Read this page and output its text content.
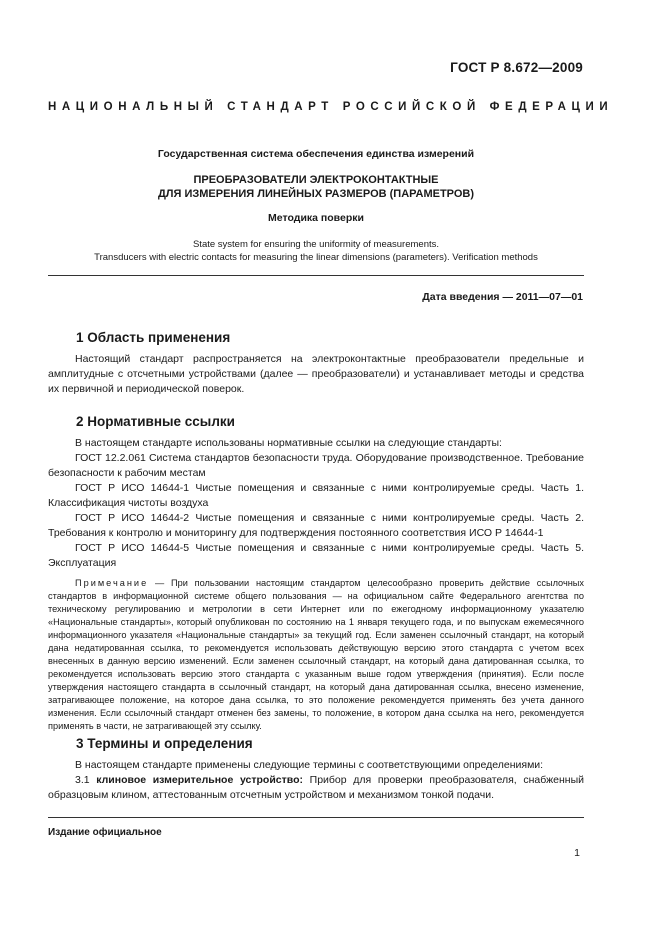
ГОСТ Р 8.672—2009
НАЦИОНАЛЬНЫЙ СТАНДАРТ РОССИЙСКОЙ ФЕДЕРАЦИИ
Государственная система обеспечения единства измерений
ПРЕОБРАЗОВАТЕЛИ ЭЛЕКТРОКОНТАКТНЫЕ
ДЛЯ ИЗМЕРЕНИЯ ЛИНЕЙНЫХ РАЗМЕРОВ (ПАРАМЕТРОВ)
Методика поверки
State system for ensuring the uniformity of measurements.
Transducers with electric contacts for measuring the linear dimensions (parameters). Verification methods
Дата введения — 2011—07—01
1 Область применения

Настоящий стандарт распространяется на электроконтактные преобразователи предельные и амплитудные с отсчетными устройствами (далее — преобразователи) и устанавливает методы и средства их первичной и периодической поверок.

2 Нормативные ссылки

В настоящем стандарте использованы нормативные ссылки на следующие стандарты:

ГОСТ 12.2.061 Система стандартов безопасности труда. Оборудование производственное. Требование безопасности к рабочим местам

ГОСТ Р ИСО 14644-1 Чистые помещения и связанные с ними контролируемые среды. Часть 1. Классификация чистоты воздуха

ГОСТ Р ИСО 14644-2 Чистые помещения и связанные с ними контролируемые среды. Часть 2. Требования к контролю и мониторингу для подтверждения постоянного соответствия ИСО Р 14644-1

ГОСТ Р ИСО 14644-5 Чистые помещения и связанные с ними контролируемые среды. Часть 5. Эксплуатация

Примечание — При пользовании настоящим стандартом целесообразно проверить действие ссылочных стандартов в информационной системе общего пользования — на официальном сайте Федерального агентства по техническому регулированию и метрологии в сети Интернет или по ежегодному информационному указателю «Национальные стандарты», который опубликован по состоянию на 1 января текущего года, и по выпускам ежемесячного информационного указателя «Национальные стандарты» за текущий год. Если заменен ссылочный стандарт, на который дана недатированная ссылка, то рекомендуется использовать действующую версию этого стандарта с учетом всех внесенных в данную версию изменений. Если заменен ссылочный стандарт, на который дана датированная ссылка, то рекомендуется использовать версию этого стандарта с указанным выше годом утверждения (принятия). Если после утверждения настоящего стандарта в ссылочный стандарт, на который дана датированная ссылка, внесено изменение, затрагивающее положение, на которое дана ссылка, то это положение рекомендуется применять без учета данного изменения. Если ссылочный стандарт отменен без замены, то положение, в котором дана ссылка на него, рекомендуется применять в части, не затрагивающей эту ссылку.

3 Термины и определения

В настоящем стандарте применены следующие термины с соответствующими определениями:

3.1 клиновое измерительное устройство: Прибор для проверки преобразователя, снабженный образцовым клином, аттестованным отсчетным устройством и механизмом тонкой подачи.

Издание официальное
1
